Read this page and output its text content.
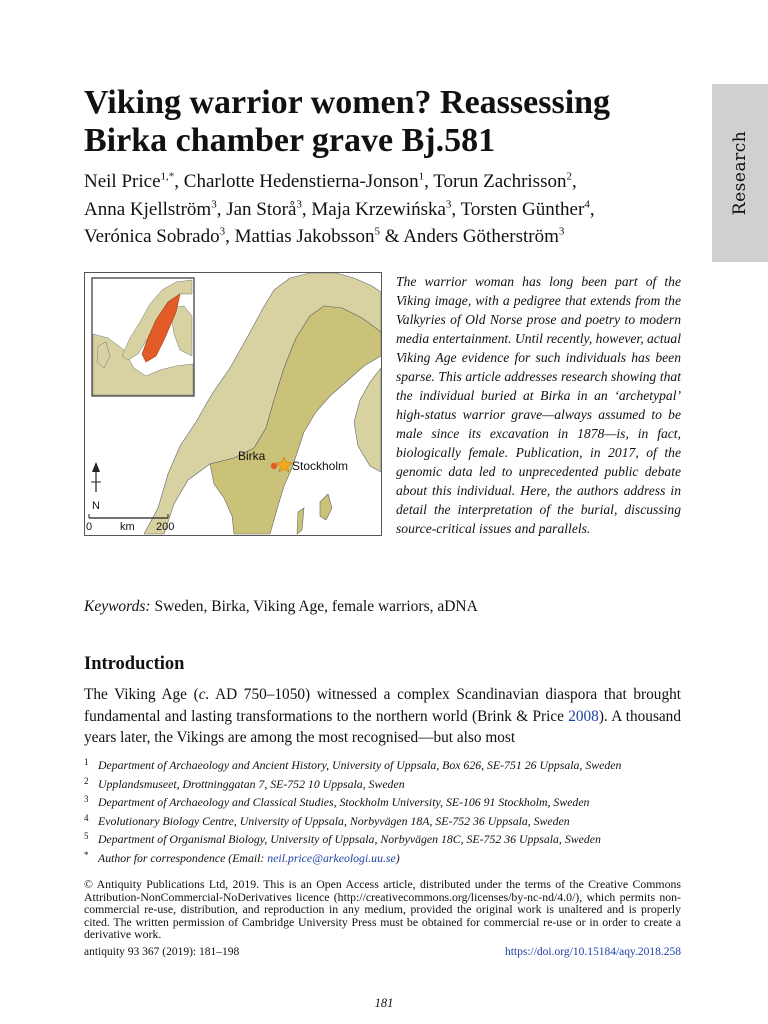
Research
Viking warrior women? Reassessing
Birka chamber grave Bj.581
Neil Price$^{1,*}$, Charlotte Hedenstierna-Jonson$^1$, Torun Zachrisson$^2$,
Anna Kjellström$^3$, Jan Storå$^3$, Maja Krzewińska$^3$, Torsten Günther$^4$,
Verónica Sobrado$^3$, Mattias Jakobsson$^5$ & Anders Götherström$^3$
Birka
Stockholm
N
0	km 200

The warrior woman has long been part of the Viking image, with a pedigree that extends from the Valkyries of Old Norse prose and poetry to modern media entertainment. Until recently, however, actual Viking Age evidence for such individuals has been sparse. This article addresses research showing that the individual buried at Birka in an ‘archetypal’ high-status warrior grave—always assumed to be male since its excavation in 1878—is, in fact, biologically female. Publication, in 2017, of the genomic data led to unprecedented public debate about this individual. Here, the authors address in detail the interpretation of the burial, discussing source-critical issues and parallels.

Keywords: Sweden, Birka, Viking Age, female warriors, aDNA
Introduction

The Viking Age (c. AD 750–1050) witnessed a complex Scandinavian diaspora that brought fundamental and lasting transformations to the northern world (Brink & Price 2008). A thousand years later, the Vikings are among the most recognised—but also most

1 Department of Archaeology and Ancient History, University of Uppsala, Box 626, SE-751 26 Uppsala, Sweden
2 Upplandsmuseet, Drottninggatan 7, SE-752 10 Uppsala, Sweden
3 Department of Archaeology and Classical Studies, Stockholm University, SE-106 91 Stockholm, Sweden
4 Evolutionary Biology Centre, University of Uppsala, Norbyvägen 18A, SE-752 36 Uppsala, Sweden
5 Department of Organismal Biology, University of Uppsala, Norbyvägen 18C, SE-752 36 Uppsala, Sweden
* Author for correspondence (Email: neil.price@arkeologi.uu.se)

© Antiquity Publications Ltd, 2019. This is an Open Access article, distributed under the terms of the Creative Commons Attribution-NonCommercial-NoDerivatives licence (http://creativecommons.org/licenses/by-nc-nd/4.0/), which permits non-commercial re-use, distribution, and reproduction in any medium, provided the original work is unaltered and is properly cited. The written permission of Cambridge University Press must be obtained for commercial re-use or in order to create a derivative work.

antiquity 93 367 (2019): 181–198	https://doi.org/10.15184/aqy.2018.258
181
